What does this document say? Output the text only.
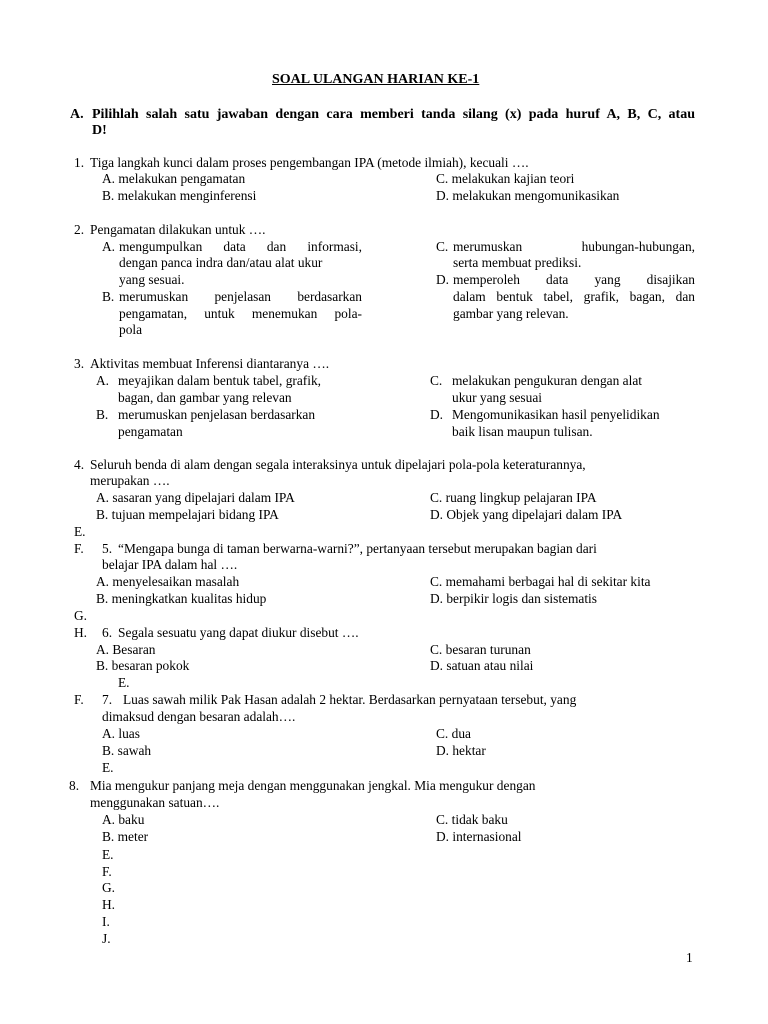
SOAL ULANGAN HARIAN KE-1
A. Pilihlah salah satu jawaban dengan cara memberi tanda silang (x) pada huruf A, B, C, atau
D!
1. Tiga langkah kunci dalam proses pengembangan IPA (metode ilmiah), kecuali ….
A. melakukan pengamatan
B. melakukan menginferensi
C. melakukan kajian teori
D. melakukan mengomunikasikan
2. Pengamatan dilakukan untuk ….
A. mengumpulkan data dan informasi,
dengan panca indra dan/atau alat ukur
yang sesuai.
B. merumuskan penjelasan berdasarkan
pengamatan, untuk menemukan pola-
pola
C. merumuskan hubungan-hubungan,
serta membuat prediksi.
D. memperoleh data yang disajikan
dalam bentuk tabel, grafik, bagan, dan
gambar yang relevan.
3. Aktivitas membuat Inferensi diantaranya ….
A. meyajikan dalam bentuk tabel, grafik,
bagan, dan gambar yang relevan
B. merumuskan penjelasan berdasarkan
pengamatan
C. melakukan pengukuran dengan alat
ukur yang sesuai
D. Mengomunikasikan hasil penyelidikan
baik lisan maupun tulisan.
4. Seluruh benda di alam dengan segala interaksinya untuk dipelajari pola-pola keteraturannya,
merupakan ….
A. sasaran yang dipelajari dalam IPA
B. tujuan mempelajari bidang IPA
C. ruang lingkup pelajaran IPA
D. Objek yang dipelajari dalam IPA
E.
F. 5. “Mengapa bunga di taman berwarna-warni?”, pertanyaan tersebut merupakan bagian dari
belajar IPA dalam hal ….
A. menyelesaikan masalah
B. meningkatkan kualitas hidup
C. memahami berbagai hal di sekitar kita
D. berpikir logis dan sistematis
G.
H. 6. Segala sesuatu yang dapat diukur disebut ….
A. Besaran
B. besaran pokok
C. besaran turunan
D. satuan atau nilai
E.
F. 7. Luas sawah milik Pak Hasan adalah 2 hektar. Berdasarkan pernyataan tersebut, yang
dimaksud dengan besaran adalah….
A. luas
B. sawah
C. dua
D. hektar
E.
8. Mia mengukur panjang meja dengan menggunakan jengkal. Mia mengukur dengan
menggunakan satuan….
A. baku
B. meter
C. tidak baku
D. internasional
E.
F.
G.
H.
I.
J.
1
